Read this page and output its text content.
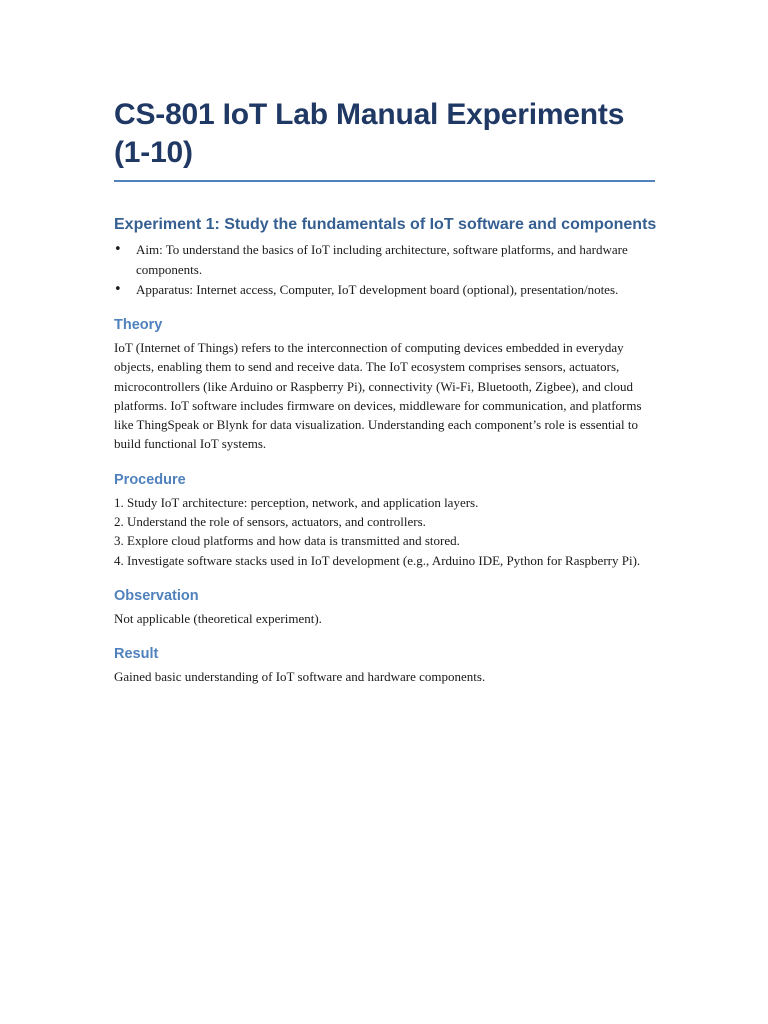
CS-801 IoT Lab Manual Experiments (1-10)
Experiment 1: Study the fundamentals of IoT software and components
• Aim: To understand the basics of IoT including architecture, software platforms, and hardware components.
• Apparatus: Internet access, Computer, IoT development board (optional), presentation/notes.
Theory

IoT (Internet of Things) refers to the interconnection of computing devices embedded in everyday objects, enabling them to send and receive data. The IoT ecosystem comprises sensors, actuators, microcontrollers (like Arduino or Raspberry Pi), connectivity (Wi-Fi, Bluetooth, Zigbee), and cloud platforms. IoT software includes firmware on devices, middleware for communication, and platforms like ThingSpeak or Blynk for data visualization. Understanding each component’s role is essential to build functional IoT systems.

Procedure

1. Study IoT architecture: perception, network, and application layers.
2. Understand the role of sensors, actuators, and controllers.
3. Explore cloud platforms and how data is transmitted and stored.
4. Investigate software stacks used in IoT development (e.g., Arduino IDE, Python for Raspberry Pi).

Observation

Not applicable (theoretical experiment).

Result

Gained basic understanding of IoT software and hardware components.
